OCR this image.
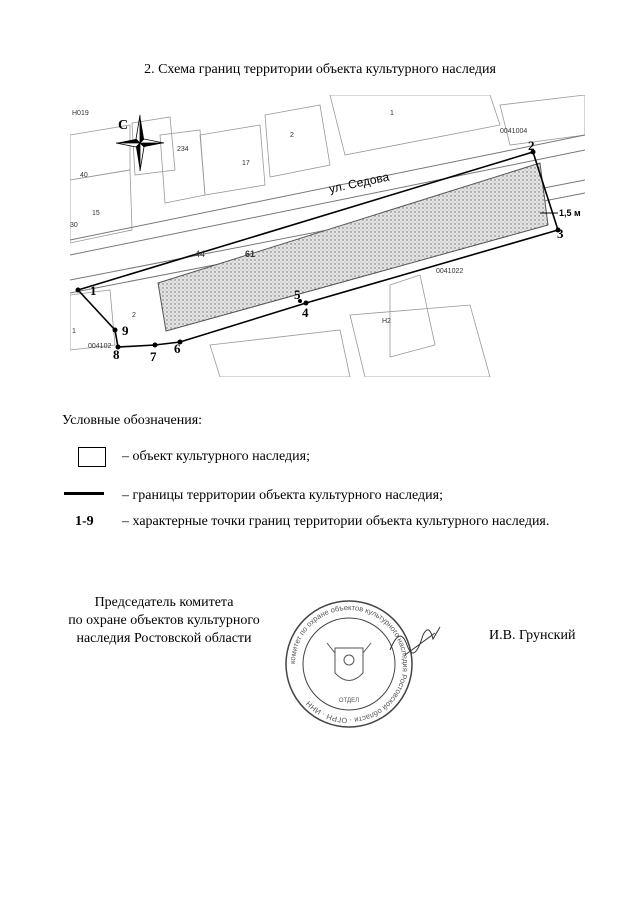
2. Схема границ территории объекта культурного наследия
1
2
3
4
5
6
7
8
9
ул. Седова
1,5 м
0041004
0041022
004102
H019
234
17
2
1
44	61
40
15
30
2
H2
1
С
Условные обозначения:
– объект культурного наследия;
– границы территории объекта культурного наследия;
1-9 – характерные точки границ территории объекта культурного наследия.
Председатель комитета
по охране объектов культурного
наследия Ростовской области
комитет по охране объектов культурного наследия Ростовской области · ОГРН · ИНН	ОТДЕЛ
И.В. Грунский
